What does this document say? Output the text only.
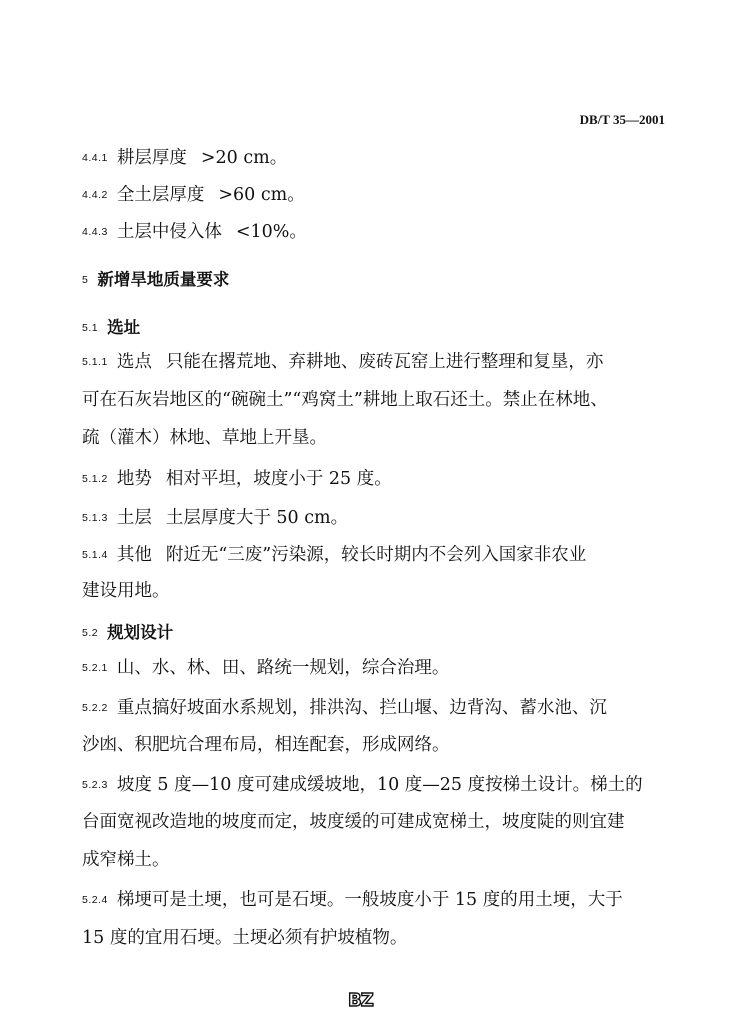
DB/T 35—2001
4.4.1 耕层厚度 >20 cm。
4.4.2 全土层厚度 >60 cm。
4.4.3 土层中侵入体 <10%。
5 新增旱地质量要求
5.1 选址
5.1.1 选点 只能在撂荒地、弃耕地、废砖瓦窑上进行整理和复垦，亦
可在石灰岩地区的“碗碗土”“鸡窝土”耕地上取石还土。禁止在林地、
疏（灌木）林地、草地上开垦。
5.1.2 地势 相对平坦，坡度小于 25 度。
5.1.3 土层 土层厚度大于 50 cm。
5.1.4 其他 附近无“三废”污染源，较长时期内不会列入国家非农业
建设用地。
5.2 规划设计
5.2.1 山、水、林、田、路统一规划，综合治理。
5.2.2 重点搞好坡面水系规划，排洪沟、拦山堰、边背沟、蓄水池、沉
沙凼、积肥坑合理布局，相连配套，形成网络。
5.2.3 坡度 5 度—10 度可建成缓坡地，10 度—25 度按梯土设计。梯土的
台面宽视改造地的坡度而定，坡度缓的可建成宽梯土，坡度陡的则宜建
成窄梯土。
5.2.4 梯埂可是土埂，也可是石埂。一般坡度小于 15 度的用土埂，大于
15 度的宜用石埂。土埂必须有护坡植物。
BZ
